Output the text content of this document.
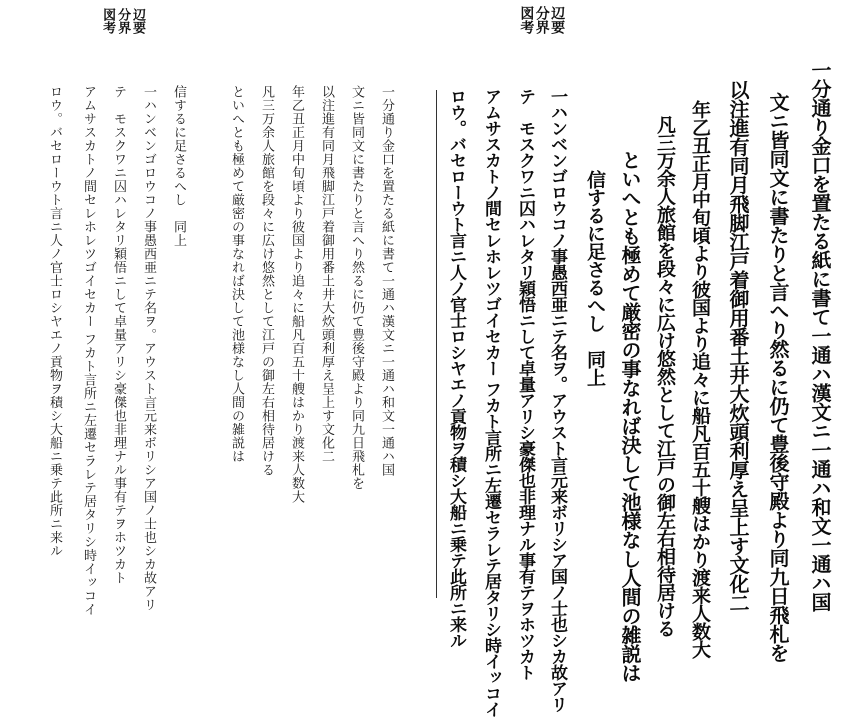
辺要
分界
図考
一分通り金口を置たる紙に書て一通ハ漢文ニ一通ハ和文一通ハ国
文ニ皆同文に書たりと言へり然るに仍て豊後守殿より同九日飛札を
以注進有同月飛脚江戸着御用番土井大炊頭利厚え呈上す文化二
年乙丑正月中旬頃より彼国より追々に船凡百五十艘はかり渡来人数大
凡三万余人旅館を段々に広け悠然として江戸の御左右相待居ける
といへとも極めて厳密の事なれば決して池様なし人間の雑説は
信するに足さるへし　同上
一ハンベンゴロウコノ事愚西亜ニテ名ヲ。アウスト言元来ボリシア国ノ士也シカ故アリ
テ　モスクワニ囚ハレタリ穎悟ニして卓量アリシ豪傑也非理ナル事有テヲホツカト
アムサスカトノ間セレホレツゴイセカー フカト言所ニ左遷セラレテ居タリシ時イッコイ
ロウ。バセローウト言ニ人ノ官士ロシヤエノ貢物ヲ積シ大船ニ乗テ此所ニ来ル
辺要
分界
図考
一分通り金口を置たる紙に書て一通ハ漢文ニ一通ハ和文一通ハ国
文ニ皆同文に書たりと言へり然るに仍て豊後守殿より同九日飛札を
以注進有同月飛脚江戸着御用番土井大炊頭利厚え呈上す文化二
年乙丑正月中旬頃より彼国より追々に船凡百五十艘はかり渡来人数大
凡三万余人旅館を段々に広け悠然として江戸の御左右相待居ける
といへとも極めて厳密の事なれば決して池様なし人間の雑説は
信するに足さるへし　同上
一ハンベンゴロウコノ事愚西亜ニテ名ヲ。アウスト言元来ボリシア国ノ士也シカ故アリ
テ　モスクワニ囚ハレタリ穎悟ニして卓量アリシ豪傑也非理ナル事有テヲホツカト
アムサスカトノ間セレホレツゴイセカー フカト言所ニ左遷セラレテ居タリシ時イッコイ
ロウ。バセローウト言ニ人ノ官士ロシヤエノ貢物ヲ積シ大船ニ乗テ此所ニ来ル
